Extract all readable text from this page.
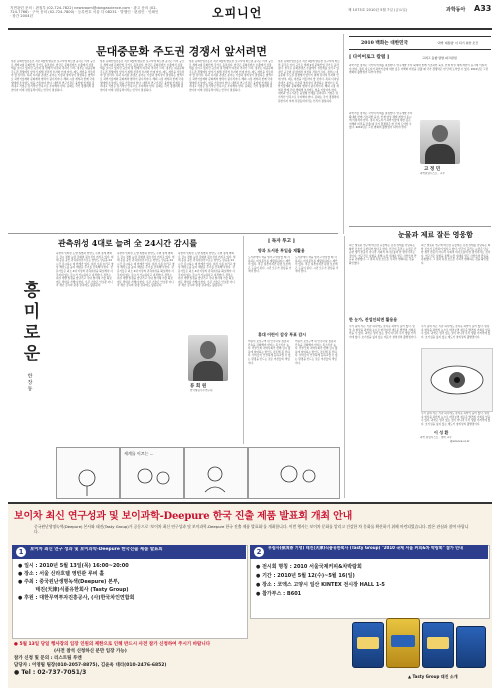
지면관련 문의 : 편집부 (02-724-7822) newsroom@dongascience.com · 광고 문의 (02-724-7766) · 구독 문의 (02-724-7800) · 등록번호 서울 다 08231 · 발행인 · 편집인 · 인쇄인 · 창간 2004년	오피니언	제 1075호 2010년 5월 7일 (금요일)	과학동아 A33
문대중문화 주도권 경쟁서 앞서려면
일본 문화산업진흥진 지난 4월에 발표한 보고서에 따르면 중국은 이미 규모로 세계 2위 문화산업 국가로 올라섰다. 한국은 문화콘텐츠 수출에서 성장세를 보이고 있지만 규모와 질 면에서 여전히 격차가 크다. 정부는 대중문화 주도권 경쟁에서 앞서기 위해 전략적 투자와 인재 양성, 제도 개선을 서둘러야 할 것이다. 특히 디지털 콘텐츠 분야는 기술과 창의성이 결합하는 영역으로 과학기술계와 문화계의 협력이 필수적이다. 해외 시장 개척과 함께 국내 생태계 조성에도 힘을 기울여야 한다. 대학과 연구기관은 융합형 인재를 길러내고 기업은 장기적인 안목으로 투자해야 한다. 문화는 국가 경쟁력의 원천이자 미래 성장동력이라는 인식이 절실하다.
일본 문화산업진흥진 지난 4월에 발표한 보고서에 따르면 중국은 이미 규모로 세계 2위 문화산업 국가로 올라섰다. 한국은 문화콘텐츠 수출에서 성장세를 보이고 있지만 규모와 질 면에서 여전히 격차가 크다. 정부는 대중문화 주도권 경쟁에서 앞서기 위해 전략적 투자와 인재 양성, 제도 개선을 서둘러야 할 것이다. 특히 디지털 콘텐츠 분야는 기술과 창의성이 결합하는 영역으로 과학기술계와 문화계의 협력이 필수적이다. 해외 시장 개척과 함께 국내 생태계 조성에도 힘을 기울여야 한다. 대학과 연구기관은 융합형 인재를 길러내고 기업은 장기적인 안목으로 투자해야 한다. 문화는 국가 경쟁력의 원천이자 미래 성장동력이라는 인식이 절실하다.
일본 문화산업진흥진 지난 4월에 발표한 보고서에 따르면 중국은 이미 규모로 세계 2위 문화산업 국가로 올라섰다. 한국은 문화콘텐츠 수출에서 성장세를 보이고 있지만 규모와 질 면에서 여전히 격차가 크다. 정부는 대중문화 주도권 경쟁에서 앞서기 위해 전략적 투자와 인재 양성, 제도 개선을 서둘러야 할 것이다. 특히 디지털 콘텐츠 분야는 기술과 창의성이 결합하는 영역으로 과학기술계와 문화계의 협력이 필수적이다. 해외 시장 개척과 함께 국내 생태계 조성에도 힘을 기울여야 한다. 대학과 연구기관은 융합형 인재를 길러내고 기업은 장기적인 안목으로 투자해야 한다. 문화는 국가 경쟁력의 원천이자 미래 성장동력이라는 인식이 절실하다.
일본 문화산업진흥진 지난 4월에 발표한 보고서에 따르면 중국은 이미 규모로 세계 2위 문화산업 국가로 올라섰다. 한국은 문화콘텐츠 수출에서 성장세를 보이고 있지만 규모와 질 면에서 여전히 격차가 크다. 정부는 대중문화 주도권 경쟁에서 앞서기 위해 전략적 투자와 인재 양성, 제도 개선을 서둘러야 할 것이다. 특히 디지털 콘텐츠 분야는 기술과 창의성이 결합하는 영역으로 과학기술계와 문화계의 협력이 필수적이다. 해외 시장 개척과 함께 국내 생태계 조성에도 힘을 기울여야 한다. 대학과 연구기관은 융합형 인재를 길러내고 기업은 장기적인 안목으로 투자해야 한다. 문화는 국가 경쟁력의 원천이자 미래 성장동력이라는 인식이 절실하다.
관측위성 4대로 늘려 全 24시간 감시를
북한의 잇따른 도발 위협과 한반도 주변 정세 변화로 감시 정찰 능력 강화의 필요성이 커지고 있다. 현재 운용 중인 관측위성만으로는 한반도 상공을 24시간 감시하는 데 한계가 있다. 위성 수를 늘리고 영상 해상도를 높여 재방문 주기를 단축해야 한다. 전문가들은 최소 4대 이상의 관측위성을 확보해야 사각지대 없는 감시가 가능하다고 지적한다. 정부는 위성 개발 일정을 앞당기고 국내 발사체 기술 확보에도 박차를 가해야 한다. 우주 기술은 안보뿐 아니라 재난 감시와 환경 관측에도 활용된다.
북한의 잇따른 도발 위협과 한반도 주변 정세 변화로 감시 정찰 능력 강화의 필요성이 커지고 있다. 현재 운용 중인 관측위성만으로는 한반도 상공을 24시간 감시하는 데 한계가 있다. 위성 수를 늘리고 영상 해상도를 높여 재방문 주기를 단축해야 한다. 전문가들은 최소 4대 이상의 관측위성을 확보해야 사각지대 없는 감시가 가능하다고 지적한다. 정부는 위성 개발 일정을 앞당기고 국내 발사체 기술 확보에도 박차를 가해야 한다. 우주 기술은 안보뿐 아니라 재난 감시와 환경 관측에도 활용된다.
북한의 잇따른 도발 위협과 한반도 주변 정세 변화로 감시 정찰 능력 강화의 필요성이 커지고 있다. 현재 운용 중인 관측위성만으로는 한반도 상공을 24시간 감시하는 데 한계가 있다. 위성 수를 늘리고 영상 해상도를 높여 재방문 주기를 단축해야 한다. 전문가들은 최소 4대 이상의 관측위성을 확보해야 사각지대 없는 감시가 가능하다고 지적한다. 정부는 위성 개발 일정을 앞당기고 국내 발사체 기술 확보에도 박차를 가해야 한다. 우주 기술은 안보뿐 아니라 재난 감시와 환경 관측에도 활용된다.
류 회 원
한국항공우주연구원
[ 독자 투고 ]
방과 도서관 투입을 재활용
도서관에서 책을 빌리고 반납할 때 사용하는 비닐봉투를 재활용하자는 제안이 있다. 작은 실천이지만 환경 보호에 큰 도움이 된다. 시민 모두가 관심을 가져야 한다.
도서관에서 책을 빌리고 반납할 때 사용하는 비닐봉투를 재활용하자는 제안이 있다. 작은 실천이지만 환경 보호에 큰 도움이 된다. 시민 모두가 관심을 가져야 한다.
휴대 어린이 감상 투표 감시
어린이 보호구역 내 안전시설 점검과 단속을 강화해야 한다는 목소리가 높다. 학부모와 지역사회가 함께 감시 활동에 참여하는 방안도 검토해 볼 만하다. 아이들이 안전하게 등하교할 수 있는 환경을 만드는 것은 어른들의 책임이다.
어린이 보호구역 내 안전시설 점검과 단속을 강화해야 한다는 목소리가 높다. 학부모와 지역사회가 함께 감시 활동에 참여하는 방안도 검토해 볼 만하다. 아이들이 안전하게 등하교할 수 있는 환경을 만드는 것은 어른들의 책임이다.
흥미로운
한 장 동
세계를 이끄는 ...
2010 백화는 대한민국	'과학 대통령' 이 되기 위한 조건
[ 다이어로그 칼럼 ]	고려그 동향 탐방 파크칼럼
과학기술 정책은 국가의 미래를 결정한다. 연구개발 투자 확대와 함께 기초과학 육성, 인재 양성 체계 개선이 동시에 이뤄져야 한다. 정치 지도자가 과학기술에 대한 깊은 이해와 비전을 갖출 때 국가 경쟁력은 한 단계 도약할 수 있다. 2010년은 그런 변화의 출발점이 되어야 한다.
과학기술 정책은 국가의 미래를 결정한다. 연구개발 투자 확대와 함께 기초과학 육성, 인재 양성 체계 개선이 동시에 이뤄져야 한다. 정치 지도자가 과학기술에 대한 깊은 이해와 비전을 갖출 때 국가 경쟁력은 한 단계 도약할 수 있다. 2010년은 그런 변화의 출발점이 되어야 한다.
고 정 민
과학칼럼니스트 · 교수
눈물과 제료 잘든 영웅함
최근 발표된 연구에 따르면 눈물에는 감정 상태를 전달하는 화학 신호가 포함되어 있다고 한다. 인간이 흘리는 눈물은 단순한 생리 반응이 아니라 사회적 의사소통의 한 방식이라는 것이다. 연구진은 실험을 통해 눈물 냄새를 맡은 사람들의 반응을 관찰했다. 그 결과 특정 호르몬 수치가 변화하는 것을 확인했다.
최근 발표된 연구에 따르면 눈물에는 감정 상태를 전달하는 화학 신호가 포함되어 있다고 한다. 인간이 흘리는 눈물은 단순한 생리 반응이 아니라 사회적 의사소통의 한 방식이라는 것이다. 연구진은 실험을 통해 눈물 냄새를 맡은 사람들의 반응을 관찰했다. 그 결과 특정 호르몬 수치가 변화하는 것을 확인했다.
한 눈가, 잔업안되면 활용용
우리 몸의 작은 기관 하나에도 놀라운 과학이 숨어 있다. 일상 속 현상을 과학의 눈으로 바라보면 새로운 발견의 기회를 얻을 수 있다. 과학은 멀리 있는 것이 아니라 우리 생활 가까이에 있다. 호기심을 잃지 않는 태도가 창의성의 출발점이다.
우리 몸의 작은 기관 하나에도 놀라운 과학이 숨어 있다. 일상 속 현상을 과학의 눈으로 바라보면 새로운 발견의 기회를 얻을 수 있다. 과학은 멀리 있는 것이 아니라 우리 생활 가까이에 있다. 호기심을 잃지 않는 태도가 창의성의 출발점이다.
우리 몸의 작은 기관 하나에도 놀라운 과학이 숨어 있다. 일상 속 현상을 과학의 눈으로 바라보면 새로운 발견의 기회를 얻을 수 있다. 과학은 멀리 있는 것이 아니라 우리 생활 가까이에 있다. 호기심을 잃지 않는 태도가 창의성의 출발점이다.
이 성 환
과학 칼럼니스트 · 대학 교수
@science.co.kr
보이차 최신 연구성과 및 보이과학-Deepure 한국 진출 제품 발표회 개최 안내
중국윈난생명녹색(Deepure) 본사와 태진(Tasty Group)가 공동으로 '보이차 최신 연구성과 및 보이과학-Deepure 한국 진출 제품 발표회'를 개최합니다. 이번 행사는 보이차 문화를 알리고 건강한 차 문화를 확산하기 위해 마련되었습니다. 많은 관심과 참여 바랍니다.
1	보이차 최신 연구 성과 및 보이과학-Deepure 한국진출 제품 발표회
● 일시 : 2010년 5월 13일(목) 16:00~20:00
● 장소 : 서울 신라호텔 영빈관 루비 홀
● 주최 : 중국윈난생명녹색(Deepure) 본부,
태진(天津)식품유한회사 (Tasty Group)
● 후원 : 대한무역투자진흥공사, (사)한국차인연합회
2
무림사(保洱茶 기녕) 테진(天津)식품유한회사 (Tasty Group) "2010 국제 서울 커피&차 박람회" 참가 안내
● 전시회 명칭 : 2010 서울국제커피&차박람회
● 기간 : 2010년 5월 12(수)~5월 16(일)
● 장소 : 코엑스 고양시 일산 KINTEX 전시장 HALL 1-5
● 참가부스 : B601
● 5월 13일 당일 행사장의 입장 인원의 제한으로 인해 반드시 사전 참가 신청하여 주시기 바랍니다
(사전 참석 신청하신 분만 입장 가능)
참가 신청 및 문의 : 리스트팀 루엔
담당자 : 이영림 팀장(010-2057-8875), 김윤옥 대리(010-2476-6852)
● Tel : 02-737-7051/3
▲ Tasty Group 태진 소개
